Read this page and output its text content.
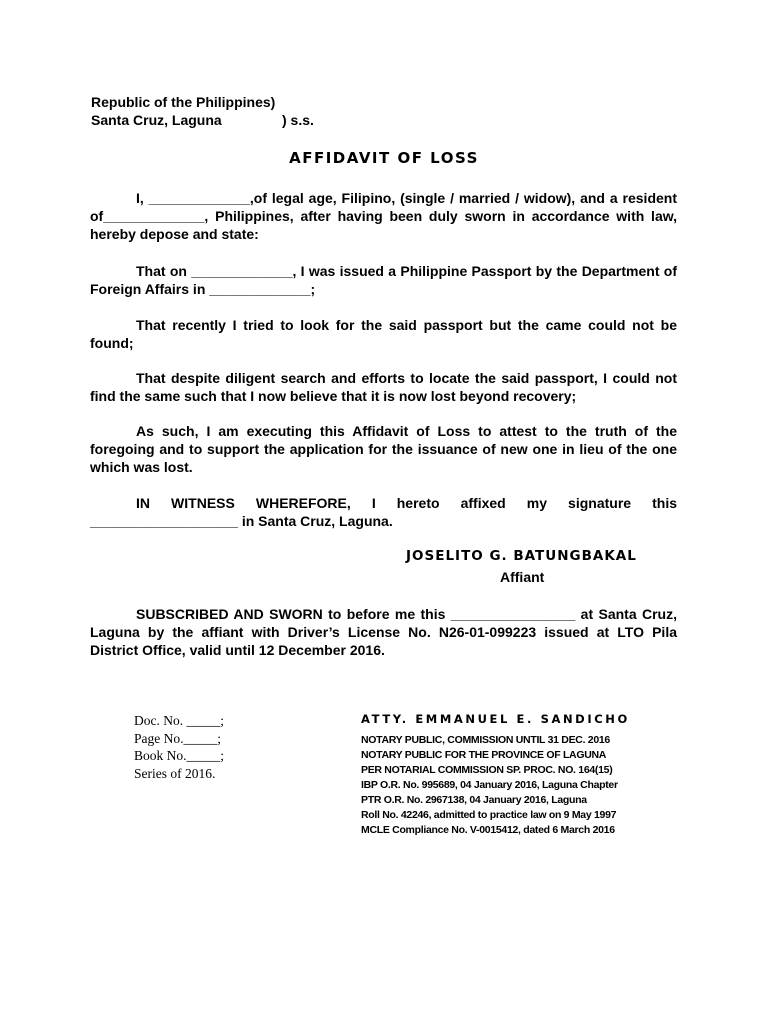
Republic of the Philippines)
Santa Cruz, Laguna	) s.s.
AFFIDAVIT OF LOSS

I, _____________,of legal age, Filipino, (single / married / widow), and a resident of_____________, Philippines, after having been duly sworn in accordance with law, hereby depose and state:

That on _____________, I was issued a Philippine Passport by the Department of Foreign Affairs in _____________;

That recently I tried to look for the said passport but the came could not be found;

That despite diligent search and efforts to locate the said passport, I could not find the same such that I now believe that it is now lost beyond recovery;

As such, I am executing this Affidavit of Loss to attest to the truth of the foregoing and to support the application for the issuance of new one in lieu of the one which was lost.

IN WITNESS WHEREFORE, I hereto affixed my signature this ___________________ in Santa Cruz, Laguna.

JOSELITO G. BATUNGBAKAL
Affiant

SUBSCRIBED AND SWORN to before me this ________________ at Santa Cruz, Laguna by the affiant with Driver’s License No. N26-01-099223 issued at LTO Pila District Office, valid until 12 December 2016.

Doc. No. _____;
Page No._____;
Book No._____;
Series of 2016.
ATTY. EMMANUEL E. SANDICHO
NOTARY PUBLIC, COMMISSION UNTIL 31 DEC. 2016
NOTARY PUBLIC FOR THE PROVINCE OF LAGUNA
PER NOTARIAL COMMISSION SP. PROC. NO. 164(15)
IBP O.R. No. 995689, 04 January 2016, Laguna Chapter
PTR O.R. No. 2967138, 04 January 2016, Laguna
Roll No. 42246, admitted to practice law on 9 May 1997
MCLE Compliance No. V-0015412, dated 6 March 2016
